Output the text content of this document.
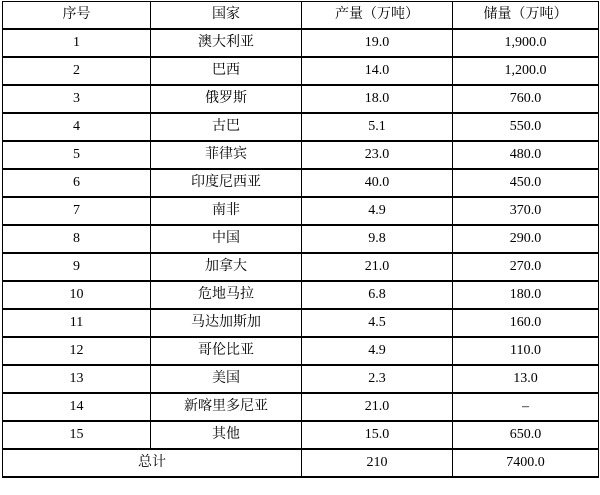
序号	国家	产量（万吨）	储量（万吨）
1	澳大利亚	19.0	1,900.0
2	巴西	14.0	1,200.0
3	俄罗斯	18.0	760.0
4	古巴	5.1	550.0
5	菲律宾	23.0	480.0
6	印度尼西亚	40.0	450.0
7	南非	4.9	370.0
8	中国	9.8	290.0
9	加拿大	21.0	270.0
10	危地马拉	6.8	180.0
11	马达加斯加	4.5	160.0
12	哥伦比亚	4.9	110.0
13	美国	2.3	13.0
14	新喀里多尼亚	21.0	–
15	其他	15.0	650.0
总计		210	7400.0
